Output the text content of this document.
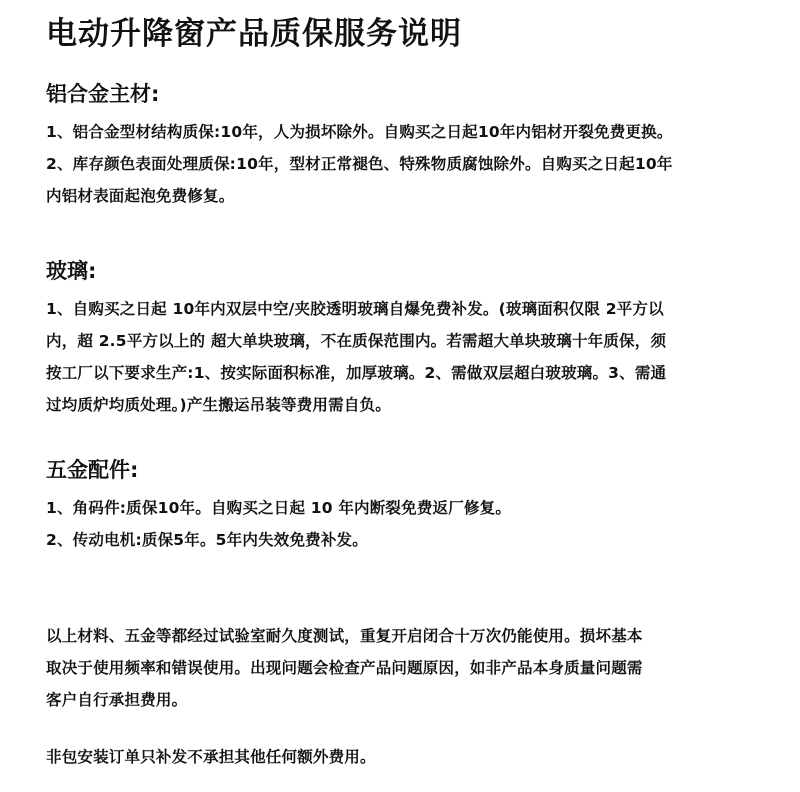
电动升降窗产品质保服务说明
铝合金主材:
1、铝合金型材结构质保:10年，人为损坏除外。自购买之日起10年内铝材开裂免费更换。
2、库存颜色表面处理质保:10年，型材正常褪色、特殊物质腐蚀除外。自购买之日起10年
内铝材表面起泡免费修复。
玻璃:
1、自购买之日起 10年内双层中空/夹胶透明玻璃自爆免费补发。(玻璃面积仅限 2平方以
内，超 2.5平方以上的 超大单块玻璃，不在质保范围内。若需超大单块玻璃十年质保，须
按工厂以下要求生产:1、按实际面积标准，加厚玻璃。2、需做双层超白玻玻璃。3、需通
过均质炉均质处理。)产生搬运吊装等费用需自负。
五金配件:
1、角码件:质保10年。自购买之日起 10 年内断裂免费返厂修复。
2、传动电机:质保5年。5年内失效免费补发。
以上材料、五金等都经过试验室耐久度测试，重复开启闭合十万次仍能使用。损坏基本
取决于使用频率和错误使用。出现问题会检查产品问题原因，如非产品本身质量问题需
客户自行承担费用。
非包安装订单只补发不承担其他任何额外费用。
